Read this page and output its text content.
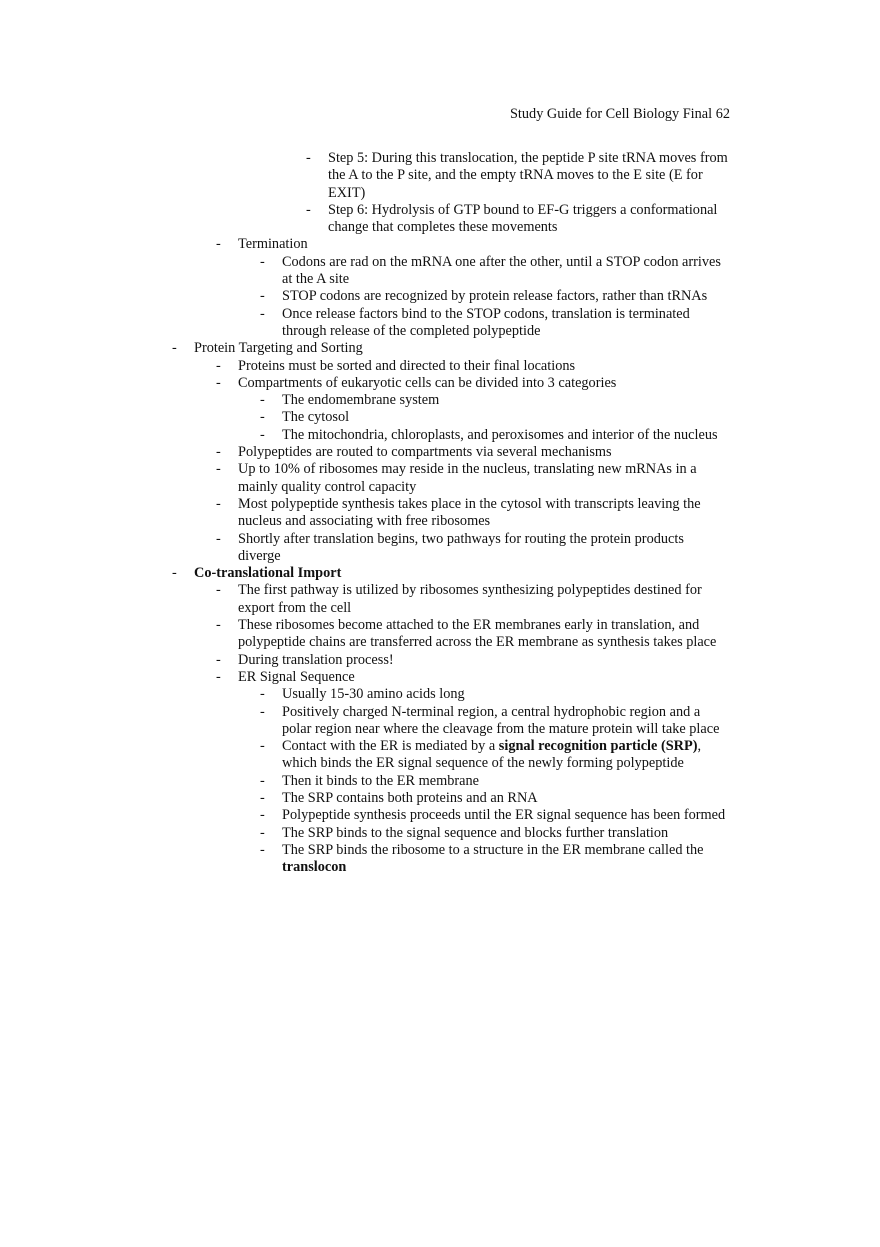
Study Guide for Cell Biology Final 62
- Step 5: During this translocation, the peptide P site tRNA moves from the A to the P site, and the empty tRNA moves to the E site (E for EXIT)
- Step 6: Hydrolysis of GTP bound to EF-G triggers a conformational change that completes these movements
- Termination
- Codons are rad on the mRNA one after the other, until a STOP codon arrives at the A site
- STOP codons are recognized by protein release factors, rather than tRNAs
- Once release factors bind to the STOP codons, translation is terminated through release of the completed polypeptide
- Protein Targeting and Sorting
- Proteins must be sorted and directed to their final locations
- Compartments of eukaryotic cells can be divided into 3 categories
- The endomembrane system
- The cytosol
- The mitochondria, chloroplasts, and peroxisomes and interior of the nucleus
- Polypeptides are routed to compartments via several mechanisms
- Up to 10% of ribosomes may reside in the nucleus, translating new mRNAs in a mainly quality control capacity
- Most polypeptide synthesis takes place in the cytosol with transcripts leaving the nucleus and associating with free ribosomes
- Shortly after translation begins, two pathways for routing the protein products diverge
- Co-translational Import
- The first pathway is utilized by ribosomes synthesizing polypeptides destined for export from the cell
- These ribosomes become attached to the ER membranes early in translation, and polypeptide chains are transferred across the ER membrane as synthesis takes place
- During translation process!
- ER Signal Sequence
- Usually 15-30 amino acids long
- Positively charged N-terminal region, a central hydrophobic region and a polar region near where the cleavage from the mature protein will take place
- Contact with the ER is mediated by a signal recognition particle (SRP), which binds the ER signal sequence of the newly forming polypeptide
- Then it binds to the ER membrane
- The SRP contains both proteins and an RNA
- Polypeptide synthesis proceeds until the ER signal sequence has been formed
- The SRP binds to the signal sequence and blocks further translation
- The SRP binds the ribosome to a structure in the ER membrane called the translocon
